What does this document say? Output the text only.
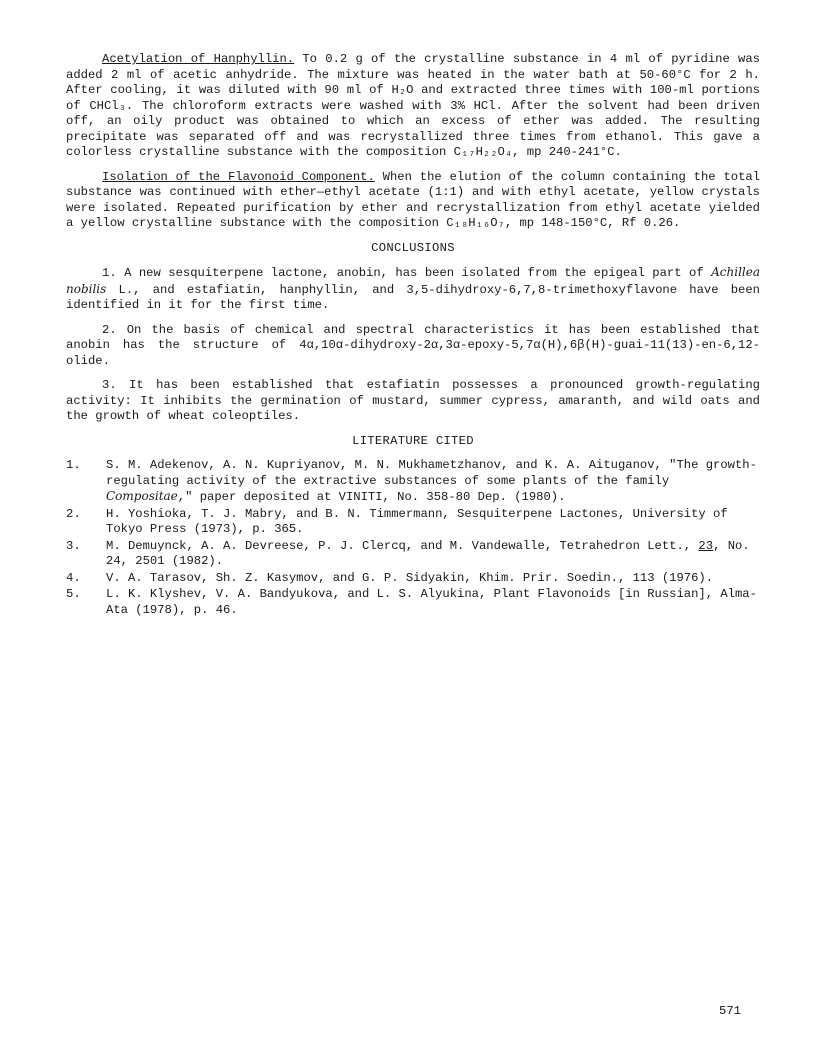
Acetylation of Hanphyllin. To 0.2 g of the crystalline substance in 4 ml of pyridine was added 2 ml of acetic anhydride. The mixture was heated in the water bath at 50-60°C for 2 h. After cooling, it was diluted with 90 ml of H₂O and extracted three times with 100-ml portions of CHCl₃. The chloroform extracts were washed with 3% HCl. After the solvent had been driven off, an oily product was obtained to which an excess of ether was added. The resulting precipitate was separated off and was recrystallized three times from ethanol. This gave a colorless crystalline substance with the composition C₁₇H₂₂O₄, mp 240-241°C.

Isolation of the Flavonoid Component. When the elution of the column containing the total substance was continued with ether—ethyl acetate (1:1) and with ethyl acetate, yellow crystals were isolated. Repeated purification by ether and recrystallization from ethyl acetate yielded a yellow crystalline substance with the composition C₁₈H₁₆O₇, mp 148-150°C, Rf 0.26.

CONCLUSIONS

1. A new sesquiterpene lactone, anobin, has been isolated from the epigeal part of Achillea nobilis L., and estafiatin, hanphyllin, and 3,5-dihydroxy-6,7,8-trimethoxyflavone have been identified in it for the first time.

2. On the basis of chemical and spectral characteristics it has been established that anobin has the structure of 4α,10α-dihydroxy-2α,3α-epoxy-5,7α(H),6β(H)-guai-11(13)-en-6,12-olide.

3. It has been established that estafiatin possesses a pronounced growth-regulating activity: It inhibits the germination of mustard, summer cypress, amaranth, and wild oats and the growth of wheat coleoptiles.

LITERATURE CITED
1.	S. M. Adekenov, A. N. Kupriyanov, M. N. Mukhametzhanov, and K. A. Aituganov, "The growth-regulating activity of the extractive substances of some plants of the family Compositae," paper deposited at VINITI, No. 358-80 Dep. (1980).
2.	H. Yoshioka, T. J. Mabry, and B. N. Timmermann, Sesquiterpene Lactones, University of Tokyo Press (1973), p. 365.
3.	M. Demuynck, A. A. Devreese, P. J. Clercq, and M. Vandewalle, Tetrahedron Lett., 23, No. 24, 2501 (1982).
4.	V. A. Tarasov, Sh. Z. Kasymov, and G. P. Sidyakin, Khim. Prir. Soedin., 113 (1976).
5.	L. K. Klyshev, V. A. Bandyukova, and L. S. Alyukina, Plant Flavonoids [in Russian], Alma-Ata (1978), p. 46.
571
